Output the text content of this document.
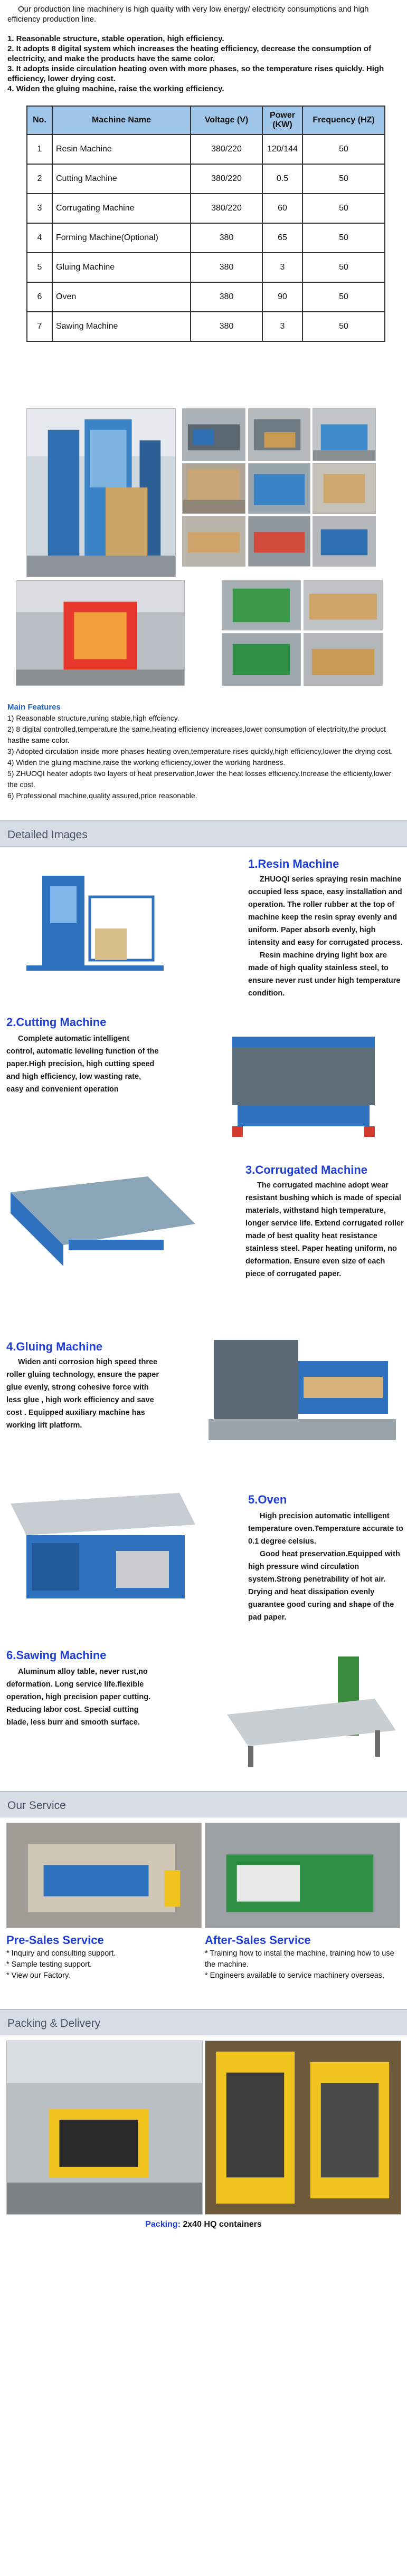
Our production line machinery is high quality with very low energy/ electricity consumptions and high efficiency production line.

1. Reasonable structure, stable operation, high efficiency.
2. It adopts 8 digital system which increases the heating efficiency, decrease the consumption of electricity, and make the products have the same color.
3. It adopts inside circulation heating oven with more phases, so the temperature rises quickly. High efficiency, lower drying cost.
4. Widen the gluing machine, raise the working efficiency.
No.	Machine Name	Voltage (V)	Power (KW)	Frequency (HZ)
1	Resin Machine	380/220	120/144	50
2	Cutting Machine	380/220	0.5	50
3	Corrugating Machine	380/220	60	50
4	Forming Machine(Optional)	380	65	50
5	Gluing Machine	380	3	50
6	Oven	380	90	50
7	Sawing Machine	380	3	50
Main Features
1) Reasonable structure,runing stable,high effciency.
2) 8 digital controlled,temperature the same,heating efficiency increases,lower consumption of electricity,the product hasthe same color.
3) Adopted circulation inside more phases heating oven,temperature rises quickly,high efficiency,lower the drying cost.
4) Widen the gluing machine,raise the working efficiency,lower the working hardness.
5) ZHUOQI heater adopts two layers of heat preservation,lower the heat losses efficiency.Increase the efficienty,lower the cost.
6) Professional machine,quality assured,price reasonable.
Detailed Images
1.Resin Machine

ZHUOQI series spraying resin machine occupied less space, easy installation and operation. The roller rubber at the top of machine keep the resin spray evenly and uniform. Paper absorb evenly, high intensity and easy for corrugated process.

Resin machine drying light box are made of high quality stainless steel, to ensure never rust under high temperature condition.

2.Cutting Machine

Complete automatic intelligent control, automatic leveling function of the paper.High precision, high cutting speed and high efficiency, low wasting rate, easy and convenient operation

3.Corrugated Machine

The corrugated machine adopt wear resistant bushing which is made of special materials, withstand high temperature, longer service life. Extend corrugated roller made of best quality heat resistance stainless steel. Paper heating uniform, no deformation. Ensure even size of each piece of corrugated paper.

4.Gluing Machine

Widen anti corrosion high speed three roller gluing technology, ensure the paper glue evenly, strong cohesive force with less glue , high work efficiency and save cost . Equipped auxiliary machine has working lift platform.

5.Oven

High precision automatic intelligent temperature oven.Temperature accurate to 0.1 degree celsius.

Good heat preservation.Equipped with high pressure wind circulation system.Strong penetrability of hot air. Drying and heat dissipation evenly guarantee good curing and shape of the pad paper.

6.Sawing Machine

Aluminum alloy table, never rust,no deformation. Long service life.flexible operation, high precision paper cutting. Reducing labor cost. Special cutting blade, less burr and smooth surface.

Our Service
Pre-Sales Service
* Inquiry and consulting support.
* Sample testing support.
* View our Factory.
After-Sales Service
* Training how to instal the machine, training how to use the machine.
* Engineers available to service machinery overseas.
Packing & Delivery
Packing: 2x40 HQ containers
